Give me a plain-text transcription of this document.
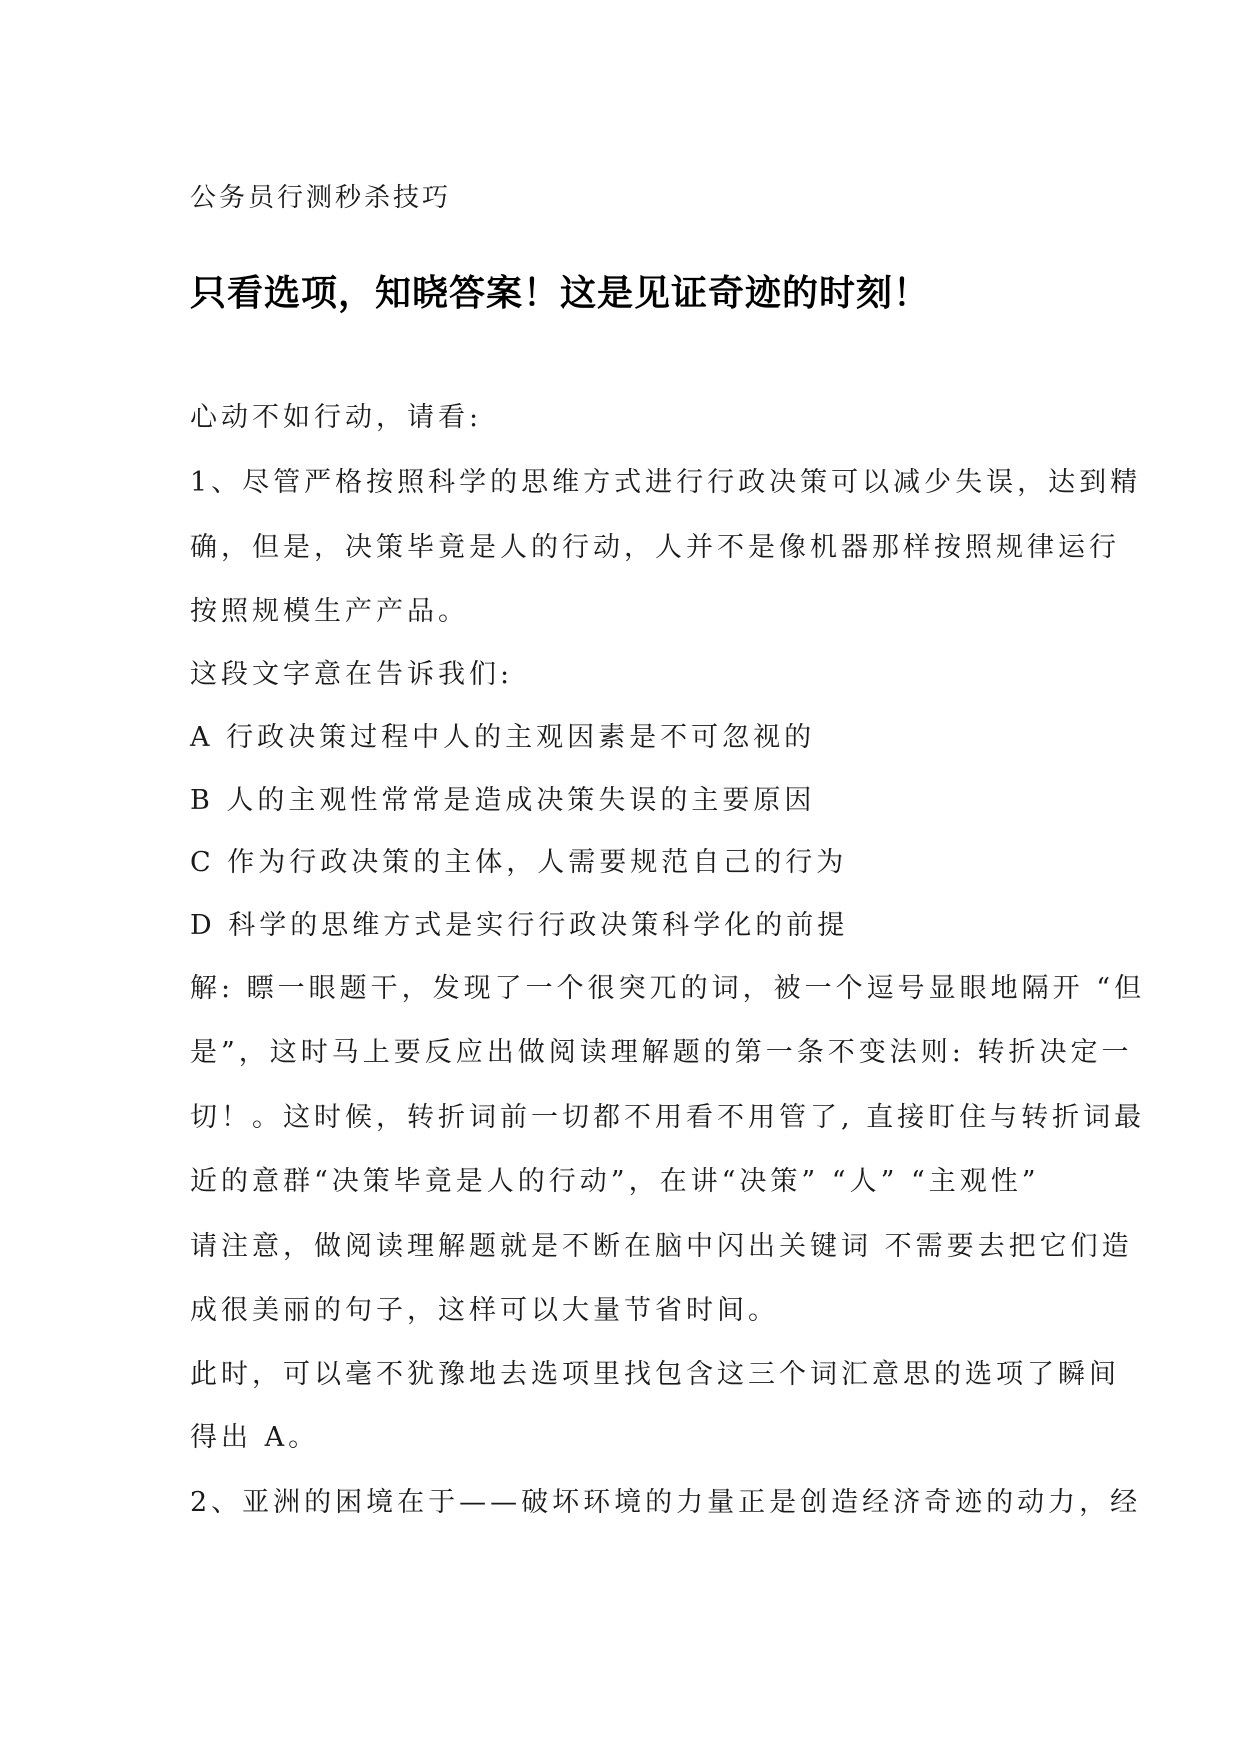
公务员行测秒杀技巧
只看选项，知晓答案！这是见证奇迹的时刻！
心动不如行动，请看:
1、尽管严格按照科学的思维方式进行行政决策可以减少失误，达到精
确，但是，决策毕竟是人的行动，人并不是像机器那样按照规律运行
按照规模生产产品。
这段文字意在告诉我们:
A 行政决策过程中人的主观因素是不可忽视的
B 人的主观性常常是造成决策失误的主要原因
C 作为行政决策的主体，人需要规范自己的行为
D 科学的思维方式是实行行政决策科学化的前提
解: 瞟一眼题干，发现了一个很突兀的词，被一个逗号显眼地隔开 “但
是”，这时马上要反应出做阅读理解题的第一条不变法则: 转折决定一
切！。这时候，转折词前一切都不用看不用管了, 直接盯住与转折词最
近的意群“决策毕竟是人的行动”，在讲“决策” “人” “主观性”
请注意，做阅读理解题就是不断在脑中闪出关键词 不需要去把它们造
成很美丽的句子，这样可以大量节省时间。
此时，可以毫不犹豫地去选项里找包含这三个词汇意思的选项了瞬间
得出 A。
2、亚洲的困境在于——破坏环境的力量正是创造经济奇迹的动力，经
